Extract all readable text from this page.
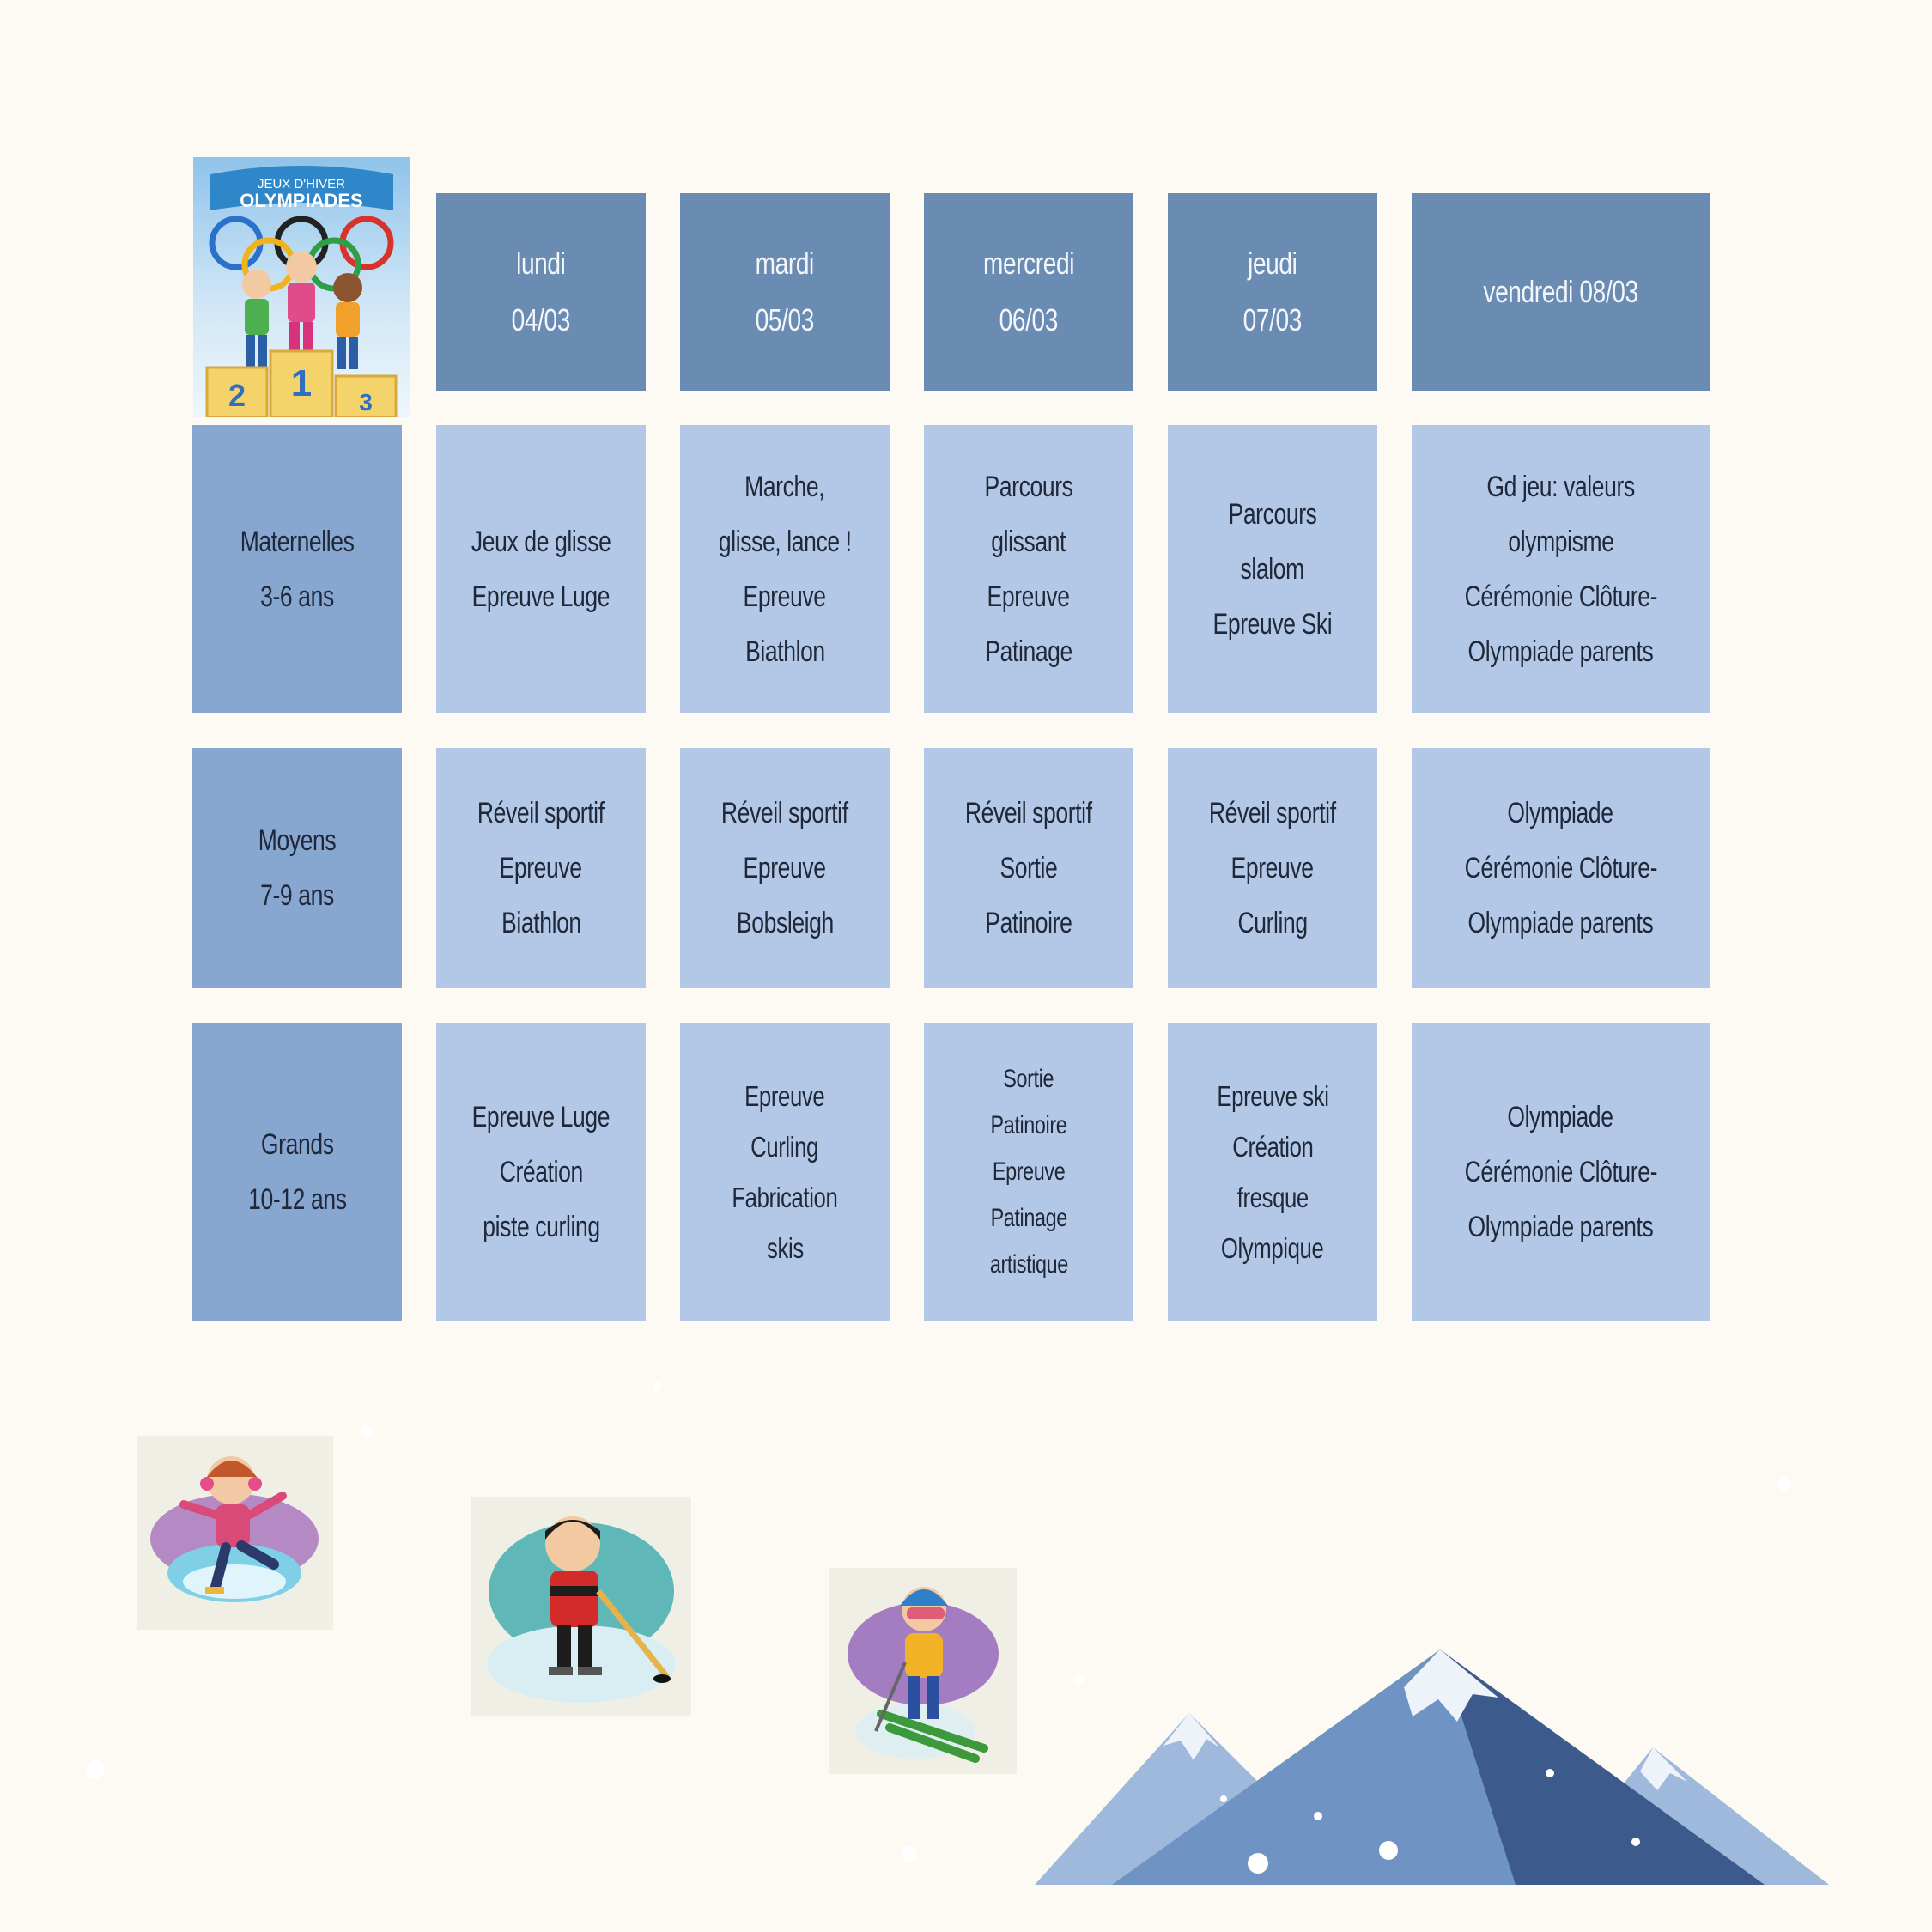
JEUX D'HIVER
OLYMPIADES
2 1 3
lundi
04/03
mardi
05/03
mercredi
06/03
jeudi
07/03
vendredi 08/03
Maternelles
3-6 ans
Jeux de glisse
Epreuve Luge
Marche,
glisse, lance !
Epreuve
Biathlon
Parcours
glissant
Epreuve
Patinage
Parcours
slalom
Epreuve Ski
Gd jeu: valeurs
olympisme
Cérémonie Clôture-
Olympiade parents
Moyens
7-9 ans
Réveil sportif
Epreuve
Biathlon
Réveil sportif
Epreuve
Bobsleigh
Réveil sportif
Sortie
Patinoire
Réveil sportif
Epreuve
Curling
Olympiade
Cérémonie Clôture-
Olympiade parents
Grands
10-12 ans
Epreuve Luge
Création
piste curling
Epreuve
Curling
Fabrication
skis
Sortie
Patinoire
Epreuve
Patinage
artistique
Epreuve ski
Création
fresque
Olympique
Olympiade
Cérémonie Clôture-
Olympiade parents
